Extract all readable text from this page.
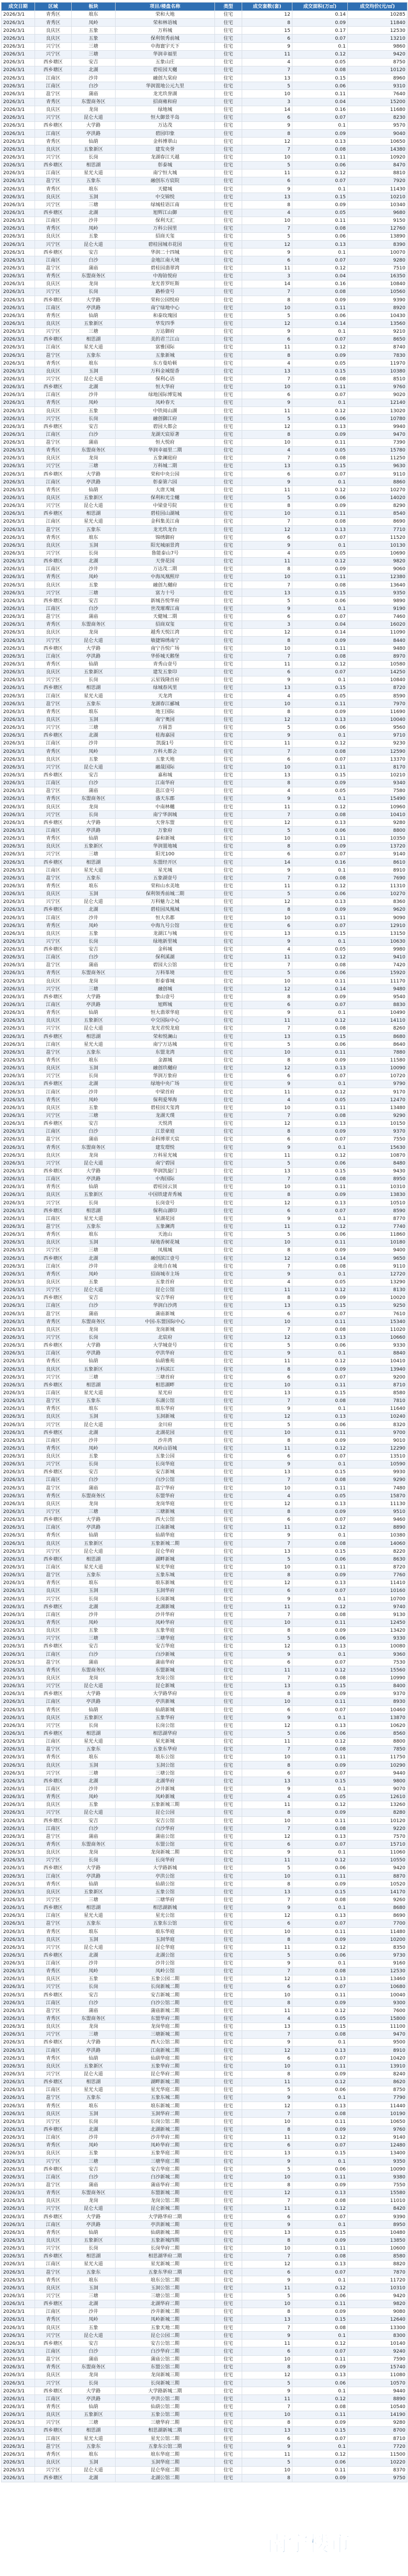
成交日期	区域	板块	项目/楼盘名称	类型	成交套数(套)	成交面积(万㎡)	成交均价(元/㎡)
2026/3/1	青秀区	埌东	荣和大地	住宅	12	0.14	10285
2026/3/1	青秀区	凤岭	荣和林语城	住宅	8	0.09	11840
2026/3/1	良庆区	五象	万科城	住宅	15	0.17	12530
2026/3/1	良庆区	五象	保利领秀前城	住宅	6	0.07	13210
2026/3/1	兴宁区	三塘	中海寰宇天下	住宅	9	0.1	9860
2026/3/1	兴宁区	三塘	华润幸福里	住宅	11	0.12	9420
2026/3/1	西乡塘区	安吉	五象山庄	住宅	4	0.05	8750
2026/3/1	西乡塘区	北湖	碧桂园天樾	住宅	7	0.08	10120
2026/3/1	江南区	沙井	融创九棠府	住宅	13	0.15	8960
2026/3/1	江南区	白沙	华润置地公元九里	住宅	5	0.06	9310
2026/3/1	邕宁区	蒲庙	龙光玖誉湖	住宅	10	0.11	7640
2026/3/1	青秀区	东盟商务区	招商雍和府	住宅	3	0.04	15200
2026/3/1	良庆区	龙岗	绿地城	住宅	14	0.16	11680
2026/3/1	兴宁区	昆仑大道	恒大御景半岛	住宅	6	0.07	8230
2026/3/1	西乡塘区	大学路	万达茂	住宅	9	0.1	9570
2026/3/1	江南区	亭洪路	碧园印象	住宅	8	0.09	9040
2026/3/1	青秀区	仙葫	金科博翠山	住宅	12	0.13	10650
2026/3/1	良庆区	五象新区	建发央誉	住宅	7	0.08	14380
2026/3/1	兴宁区	长岗	龙湖春江天越	住宅	10	0.11	10920
2026/3/1	西乡塘区	相思湖	彰泰城	住宅	5	0.06	8470
2026/3/1	江南区	星光大道	南宁恒大城	住宅	11	0.12	8810
2026/3/1	邕宁区	五象东	融创东方宸院	住宅	6	0.07	7920
2026/3/1	青秀区	埌东	天健城	住宅	9	0.1	11430
2026/3/1	良庆区	玉洞	中交锦悦	住宅	13	0.15	10210
2026/3/1	兴宁区	三塘	绿城桂语江南	住宅	8	0.09	10340
2026/3/1	西乡塘区	北湖	旭辉江山御	住宅	4	0.05	9680
2026/3/1	江南区	沙井	保利天汇	住宅	10	0.11	9150
2026/3/1	青秀区	凤岭	万科公园里	住宅	7	0.08	12760
2026/3/1	良庆区	五象	招商天玺	住宅	5	0.06	13890
2026/3/1	兴宁区	昆仑大道	碧桂园城市花园	住宅	12	0.13	8390
2026/3/1	西乡塘区	安吉	华润二十四城	住宅	9	0.1	10070
2026/3/1	江南区	白沙	金地江南大境	住宅	6	0.07	9280
2026/3/1	邕宁区	蒲庙	碧桂园翡翠湾	住宅	11	0.12	7510
2026/3/1	青秀区	东盟商务区	中海铂悦府	住宅	3	0.04	16350
2026/3/1	良庆区	龙岗	龙光普罗旺斯	住宅	14	0.16	10840
2026/3/1	兴宁区	长岗	路桥壹号	住宅	7	0.08	10560
2026/3/1	西乡塘区	大学路	荣和公园悦府	住宅	8	0.09	9390
2026/3/1	江南区	亭洪路	南宁绿地中心	住宅	10	0.11	8920
2026/3/1	青秀区	仙葫	和泰玫瑰园	住宅	5	0.06	10430
2026/3/1	良庆区	五象新区	华发四季	住宅	12	0.14	13560
2026/3/1	兴宁区	三塘	万达御府	住宅	9	0.1	9210
2026/3/1	西乡塘区	相思湖	美的君兰江山	住宅	6	0.07	8650
2026/3/1	江南区	星光大道	富雅国际	住宅	11	0.12	8740
2026/3/1	邕宁区	五象东	五象新城	住宅	8	0.09	7830
2026/3/1	青秀区	埌东	东方曼哈顿	住宅	4	0.05	11970
2026/3/1	良庆区	玉洞	万科金域缇香	住宅	13	0.15	10380
2026/3/1	兴宁区	昆仑大道	保利心语	住宅	7	0.08	8510
2026/3/1	西乡塘区	北湖	恒大华府	住宅	10	0.11	9760
2026/3/1	江南区	沙井	绿地国际博览城	住宅	6	0.07	9020
2026/3/1	青秀区	凤岭	凤岭春天	住宅	9	0.1	12140
2026/3/1	良庆区	五象	中铁阅山湖	住宅	11	0.12	13020
2026/3/1	兴宁区	长岗	融创御江府	住宅	5	0.06	10780
2026/3/1	西乡塘区	安吉	碧园大都会	住宅	12	0.13	9940
2026/3/1	江南区	白沙	龙湖天宸原著	住宅	8	0.09	9470
2026/3/1	邕宁区	蒲庙	恒大悦府	住宅	10	0.11	7390
2026/3/1	青秀区	东盟商务区	华润幸福里二期	住宅	4	0.05	15780
2026/3/1	良庆区	龙岗	五象澜庭府	住宅	7	0.08	11250
2026/3/1	兴宁区	三塘	万科城二期	住宅	13	0.15	9630
2026/3/1	西乡塘区	大学路	荣和中央公园	住宅	6	0.07	9110
2026/3/1	江南区	亭洪路	彰泰第六园	住宅	9	0.1	8860
2026/3/1	青秀区	仙葫	大唐天城	住宅	11	0.12	10270
2026/3/1	良庆区	五象新区	保利和光尘樾	住宅	5	0.06	14020
2026/3/1	兴宁区	昆仑大道	中梁壹号院	住宅	8	0.09	8290
2026/3/1	西乡塘区	相思湖	碧桂园山湖城	住宅	10	0.11	8540
2026/3/1	江南区	星光大道	金科集美江南	住宅	7	0.08	8690
2026/3/1	邕宁区	五象东	龙光玖龙台	住宅	12	0.13	7710
2026/3/1	青秀区	埌东	锦绣御府	住宅	6	0.07	11520
2026/3/1	良庆区	玉洞	阳光城丽景湾	住宅	9	0.1	10130
2026/3/1	兴宁区	长岗	鲁能泰山7号	住宅	4	0.05	10690
2026/3/1	西乡塘区	北湖	天誉花园	住宅	11	0.12	9820
2026/3/1	江南区	沙井	万达茂二期	住宅	8	0.09	9060
2026/3/1	青秀区	凤岭	中海凤凰熙岸	住宅	10	0.11	12380
2026/3/1	良庆区	五象	融创九樾府	住宅	7	0.08	13640
2026/3/1	兴宁区	三塘	富力十号	住宅	13	0.15	9350
2026/3/1	西乡塘区	安吉	新城吾悦华府	住宅	5	0.06	9890
2026/3/1	江南区	白沙	世茂璀璨江南	住宅	9	0.1	9190
2026/3/1	邕宁区	蒲庙	天健城二期	住宅	6	0.07	7460
2026/3/1	青秀区	东盟商务区	招商双玺	住宅	3	0.04	16020
2026/3/1	良庆区	龙岗	越秀天悦江湾	住宅	12	0.14	11090
2026/3/1	兴宁区	昆仑大道	敏捷锦绣南宁	住宅	8	0.09	8440
2026/3/1	西乡塘区	大学路	南宁吾悦广场	住宅	10	0.11	9480
2026/3/1	江南区	亭洪路	华侨城天鹅堡	住宅	7	0.08	8970
2026/3/1	青秀区	仙葫	青秀山壹号	住宅	11	0.12	10580
2026/3/1	良庆区	五象新区	建发五象印	住宅	6	0.07	14250
2026/3/1	兴宁区	长岗	云星钱隆首府	住宅	9	0.1	10840
2026/3/1	西乡塘区	相思湖	绿城春风里	住宅	13	0.15	8720
2026/3/1	江南区	星光大道	天龙湾	住宅	4	0.05	8590
2026/3/1	邕宁区	五象东	龙湖春江郦城	住宅	10	0.11	7970
2026/3/1	青秀区	埌东	地王国际	住宅	8	0.09	11690
2026/3/1	良庆区	玉洞	南宁奥园	住宅	12	0.13	10040
2026/3/1	兴宁区	三塘	方圆荟	住宅	5	0.06	9560
2026/3/1	西乡塘区	北湖	桂海嘉园	住宅	9	0.1	9710
2026/3/1	江南区	沙井	凯旋1号	住宅	11	0.12	9230
2026/3/1	青秀区	凤岭	万科大都会	住宅	7	0.08	12590
2026/3/1	良庆区	五象	五象天地	住宅	6	0.07	13370
2026/3/1	兴宁区	昆仑大道	融晟国际	住宅	10	0.11	8170
2026/3/1	西乡塘区	安吉	嘉和城	住宅	13	0.15	10210
2026/3/1	江南区	白沙	江南华府	住宅	8	0.09	9340
2026/3/1	邕宁区	蒲庙	邕江壹号	住宅	4	0.05	7580
2026/3/1	青秀区	东盟商务区	盛天东郡	住宅	9	0.1	15490
2026/3/1	良庆区	龙岗	中南林樾	住宅	11	0.12	10960
2026/3/1	兴宁区	长岗	南宁华润城	住宅	7	0.08	10410
2026/3/1	西乡塘区	大学路	天誉东盟	住宅	12	0.13	9280
2026/3/1	江南区	亭洪路	万象府	住宅	5	0.06	8800
2026/3/1	青秀区	仙葫	泰和新城	住宅	10	0.11	10350
2026/3/1	良庆区	五象新区	华润置地城	住宅	8	0.09	13720
2026/3/1	兴宁区	三塘	阳光100	住宅	6	0.07	9140
2026/3/1	西乡塘区	相思湖	东盟经开区	住宅	14	0.16	8610
2026/3/1	江南区	星光大道	星光城	住宅	9	0.1	8910
2026/3/1	邕宁区	五象东	五象湖壹号	住宅	7	0.08	7690
2026/3/1	青秀区	埌东	荣和山水美地	住宅	11	0.12	11310
2026/3/1	良庆区	玉洞	保利领秀前城二期	住宅	5	0.06	10270
2026/3/1	兴宁区	昆仑大道	万科魅力之城	住宅	12	0.13	8360
2026/3/1	西乡塘区	北湖	碧桂园凤凰城	住宅	8	0.09	9620
2026/3/1	江南区	沙井	恒大名都	住宅	10	0.11	9090
2026/3/1	青秀区	凤岭	中海九号公馆	住宅	6	0.07	12910
2026/3/1	良庆区	五象	龙湖江与城	住宅	13	0.15	13150
2026/3/1	兴宁区	长岗	绿地新里城	住宅	9	0.1	10630
2026/3/1	西乡塘区	安吉	金科城	住宅	4	0.05	9980
2026/3/1	江南区	白沙	保利溪湖	住宅	11	0.12	9410
2026/3/1	邕宁区	蒲庙	碧园大公馆	住宅	7	0.08	7420
2026/3/1	青秀区	东盟商务区	万科峯境	住宅	5	0.06	15920
2026/3/1	良庆区	龙岗	彰泰睿城	住宅	10	0.11	11170
2026/3/1	兴宁区	三塘	融创城	住宅	12	0.14	9480
2026/3/1	西乡塘区	大学路	象山壹号	住宅	8	0.09	9540
2026/3/1	江南区	亭洪路	旭辉城	住宅	6	0.07	8830
2026/3/1	青秀区	仙葫	恒大翡翠华庭	住宅	9	0.1	10490
2026/3/1	良庆区	五象新区	中交国际中心	住宅	11	0.12	14110
2026/3/1	兴宁区	昆仑大道	龙光君悦龙庭	住宅	7	0.08	8260
2026/3/1	西乡塘区	相思湖	荣和悦澜山	住宅	13	0.15	8680
2026/3/1	江南区	星光大道	南宁万达城	住宅	5	0.06	8640
2026/3/1	邕宁区	五象东	东盟龙湾	住宅	10	0.11	7880
2026/3/1	青秀区	埌东	金源城	住宅	8	0.09	11580
2026/3/1	良庆区	玉洞	融创玖樾府	住宅	12	0.13	10090
2026/3/1	兴宁区	长岗	华润万象府	住宅	6	0.07	10720
2026/3/1	西乡塘区	北湖	绿地中央广场	住宅	9	0.1	9790
2026/3/1	江南区	沙井	中梁首府	住宅	11	0.12	9170
2026/3/1	青秀区	凤岭	保利爱琴海	住宅	4	0.05	12470
2026/3/1	良庆区	五象	碧桂园天玺湾	住宅	10	0.11	13480
2026/3/1	兴宁区	三塘	龙湖天璞	住宅	7	0.08	9290
2026/3/1	西乡塘区	安吉	天悦湾	住宅	12	0.13	10150
2026/3/1	江南区	白沙	江景豪庭	住宅	8	0.09	9370
2026/3/1	邕宁区	蒲庙	金科博翠天宸	住宅	6	0.07	7550
2026/3/1	青秀区	东盟商务区	建发璟悦	住宅	9	0.1	15630
2026/3/1	良庆区	龙岗	万科星光城	住宅	11	0.12	10870
2026/3/1	兴宁区	昆仑大道	南宁碧园	住宅	5	0.06	8480
2026/3/1	西乡塘区	大学路	华润凯旋门	住宅	13	0.15	9430
2026/3/1	江南区	亭洪路	中海国际	住宅	7	0.08	8950
2026/3/1	青秀区	仙葫	碧桂园云顶	住宅	10	0.11	10310
2026/3/1	良庆区	五象新区	中国铁建青秀城	住宅	8	0.09	13830
2026/3/1	兴宁区	长岗	长岗壹号	住宅	12	0.13	10510
2026/3/1	西乡塘区	相思湖	保利山湖印	住宅	6	0.07	8590
2026/3/1	江南区	星光大道	星湖花园	住宅	9	0.1	8770
2026/3/1	邕宁区	五象东	五象澜湾	住宅	11	0.12	7740
2026/3/1	青秀区	埌东	天池山	住宅	5	0.06	11860
2026/3/1	良庆区	玉洞	绿地香树花城	住宅	10	0.11	10180
2026/3/1	兴宁区	三塘	凤凰城	住宅	8	0.09	9400
2026/3/1	西乡塘区	北湖	融创滨江壹号	住宅	12	0.14	9650
2026/3/1	江南区	沙井	金地自在城	住宅	7	0.08	9110
2026/3/1	青秀区	凤岭	招商城市主场	住宅	9	0.1	12720
2026/3/1	良庆区	五象	五象首府	住宅	4	0.05	13290
2026/3/1	兴宁区	昆仑大道	昆仑公馆	住宅	11	0.12	8130
2026/3/1	西乡塘区	安吉	安吉华府	住宅	8	0.09	10020
2026/3/1	江南区	白沙	华润白沙湾	住宅	13	0.15	9250
2026/3/1	邕宁区	蒲庙	蒲庙新城	住宅	6	0.07	7610
2026/3/1	青秀区	东盟商务区	中国-东盟国际中心	住宅	10	0.11	15340
2026/3/1	良庆区	龙岗	龙岗新城	住宅	7	0.08	11020
2026/3/1	兴宁区	长岗	北宸府	住宅	12	0.13	10660
2026/3/1	西乡塘区	大学路	大学城壹号	住宅	5	0.06	9330
2026/3/1	江南区	亭洪路	亭洪华府	住宅	9	0.1	8840
2026/3/1	青秀区	仙葫	仙葫雅苑	住宅	11	0.12	10410
2026/3/1	良庆区	五象新区	万科滨江	住宅	8	0.09	13940
2026/3/1	兴宁区	三塘	三塘首府	住宅	6	0.07	9200
2026/3/1	西乡塘区	相思湖	相思湖畔	住宅	10	0.11	8710
2026/3/1	江南区	星光大道	星光府	住宅	13	0.15	8580
2026/3/1	邕宁区	五象东	东湖公馆	住宅	7	0.08	7810
2026/3/1	青秀区	埌东	埌东华府	住宅	9	0.1	11640
2026/3/1	良庆区	玉洞	玉洞新城	住宅	12	0.13	10240
2026/3/1	兴宁区	昆仑大道	金川府	住宅	5	0.06	8320
2026/3/1	西乡塘区	北湖	北湖花园	住宅	10	0.11	9700
2026/3/1	江南区	沙井	沙井湾	住宅	8	0.09	9010
2026/3/1	青秀区	凤岭	凤岭山语城	住宅	11	0.12	12290
2026/3/1	良庆区	五象	五象公园	住宅	6	0.07	13510
2026/3/1	兴宁区	长岗	长岗华庭	住宅	9	0.1	10590
2026/3/1	西乡塘区	安吉	安吉新城	住宅	13	0.15	9930
2026/3/1	江南区	白沙	白沙公馆	住宅	7	0.08	9290
2026/3/1	邕宁区	蒲庙	邕宁华府	住宅	10	0.11	7480
2026/3/1	青秀区	东盟商务区	东盟华府	住宅	4	0.05	15870
2026/3/1	良庆区	龙岗	龙岗华庭	住宅	12	0.13	11130
2026/3/1	兴宁区	三塘	三塘新城	住宅	8	0.09	9510
2026/3/1	西乡塘区	大学路	西大公馆	住宅	6	0.07	9460
2026/3/1	江南区	亭洪路	江南新城	住宅	11	0.12	8890
2026/3/1	青秀区	仙葫	仙葫华庭	住宅	9	0.1	10380
2026/3/1	良庆区	五象新区	五象新城二期	住宅	7	0.08	14060
2026/3/1	兴宁区	昆仑大道	昆仑华府	住宅	13	0.15	8220
2026/3/1	西乡塘区	相思湖	湖畔新城	住宅	5	0.06	8630
2026/3/1	江南区	星光大道	星光华庭	住宅	10	0.11	8720
2026/3/1	邕宁区	五象东	五象东城	住宅	8	0.09	7760
2026/3/1	青秀区	埌东	埌东新城	住宅	12	0.13	11410
2026/3/1	良庆区	玉洞	玉洞华府	住宅	6	0.07	10160
2026/3/1	兴宁区	长岗	长岗新城	住宅	9	0.1	10700
2026/3/1	西乡塘区	北湖	北湖新城	住宅	11	0.12	9740
2026/3/1	江南区	沙井	沙井华府	住宅	7	0.08	9130
2026/3/1	青秀区	凤岭	凤岭华府	住宅	10	0.11	12450
2026/3/1	良庆区	五象	五象华庭	住宅	8	0.09	13420
2026/3/1	兴宁区	三塘	三塘华庭	住宅	5	0.06	9330
2026/3/1	西乡塘区	安吉	安吉华庭	住宅	12	0.13	10080
2026/3/1	江南区	白沙	白沙新城	住宅	9	0.1	9360
2026/3/1	邕宁区	蒲庙	蒲庙华府	住宅	6	0.07	7530
2026/3/1	青秀区	东盟商务区	东盟新城	住宅	11	0.12	15560
2026/3/1	良庆区	龙岗	龙岗公馆	住宅	7	0.08	10990
2026/3/1	兴宁区	昆仑大道	昆仑新城	住宅	13	0.15	8400
2026/3/1	西乡塘区	大学路	大学路华府	住宅	8	0.09	9370
2026/3/1	江南区	亭洪路	亭洪新城	住宅	10	0.11	8930
2026/3/1	青秀区	仙葫	仙葫新城	住宅	6	0.07	10460
2026/3/1	良庆区	五象新区	五象华府	住宅	9	0.1	13870
2026/3/1	兴宁区	长岗	长岗公馆	住宅	12	0.13	10620
2026/3/1	西乡塘区	相思湖	相思湖华府	住宅	5	0.06	8560
2026/3/1	江南区	星光大道	星光新城	住宅	11	0.12	8800
2026/3/1	邕宁区	五象东	五象东华府	住宅	7	0.08	7850
2026/3/1	青秀区	埌东	埌东公馆	住宅	10	0.11	11750
2026/3/1	良庆区	玉洞	玉洞公馆	住宅	8	0.09	10290
2026/3/1	兴宁区	三塘	三塘公馆	住宅	6	0.07	9440
2026/3/1	西乡塘区	北湖	北湖华府	住宅	13	0.15	9800
2026/3/1	江南区	沙井	沙井新城	住宅	9	0.1	9070
2026/3/1	青秀区	凤岭	凤岭新城	住宅	4	0.05	12610
2026/3/1	良庆区	五象	五象新城三期	住宅	11	0.12	13260
2026/3/1	兴宁区	昆仑大道	昆仑公园	住宅	8	0.09	8280
2026/3/1	西乡塘区	安吉	安吉公馆	住宅	10	0.11	10120
2026/3/1	江南区	白沙	白沙华府	住宅	7	0.08	9220
2026/3/1	邕宁区	蒲庙	蒲庙公馆	住宅	12	0.13	7570
2026/3/1	青秀区	东盟商务区	东盟公馆	住宅	6	0.07	15710
2026/3/1	良庆区	龙岗	龙岗新城二期	住宅	9	0.1	11060
2026/3/1	兴宁区	长岗	长岗华府	住宅	11	0.12	10550
2026/3/1	西乡塘区	大学路	大学路新城	住宅	5	0.06	9420
2026/3/1	江南区	亭洪路	亭洪公馆	住宅	10	0.11	8870
2026/3/1	青秀区	仙葫	仙葫公馆	住宅	8	0.09	10520
2026/3/1	良庆区	五象新区	五象公馆	住宅	13	0.15	14170
2026/3/1	兴宁区	三塘	三塘华府	住宅	7	0.08	9260
2026/3/1	西乡塘区	相思湖	相思湖新城	住宅	9	0.1	8680
2026/3/1	江南区	星光大道	星光公馆	住宅	12	0.13	8690
2026/3/1	邕宁区	五象东	五象东公馆	住宅	6	0.07	7700
2026/3/1	青秀区	埌东	埌东华庭	住宅	10	0.11	11480
2026/3/1	良庆区	玉洞	玉洞华庭	住宅	8	0.09	10200
2026/3/1	兴宁区	昆仑大道	昆仑华庭	住宅	11	0.12	8350
2026/3/1	西乡塘区	北湖	北湖公馆	住宅	5	0.06	9730
2026/3/1	江南区	沙井	沙井公馆	住宅	9	0.1	9160
2026/3/1	青秀区	凤岭	凤岭公馆	住宅	7	0.08	12530
2026/3/1	良庆区	五象	五象公园二期	住宅	12	0.13	13460
2026/3/1	兴宁区	长岗	长岗新城二期	住宅	6	0.07	10680
2026/3/1	西乡塘区	安吉	安吉新城二期	住宅	10	0.11	10040
2026/3/1	江南区	白沙	白沙公馆二期	住宅	8	0.09	9300
2026/3/1	邕宁区	蒲庙	蒲庙新城二期	住宅	11	0.12	7600
2026/3/1	青秀区	东盟商务区	东盟华府二期	住宅	4	0.05	15800
2026/3/1	良庆区	龙岗	龙岗华庭二期	住宅	13	0.15	11100
2026/3/1	兴宁区	三塘	三塘新城二期	住宅	7	0.08	9470
2026/3/1	西乡塘区	大学路	西大公馆二期	住宅	9	0.1	9500
2026/3/1	江南区	亭洪路	江南新城二期	住宅	12	0.13	8910
2026/3/1	青秀区	仙葫	仙葫华庭二期	住宅	6	0.07	10420
2026/3/1	良庆区	五象新区	五象华府二期	住宅	10	0.11	13910
2026/3/1	兴宁区	昆仑大道	昆仑华府二期	住宅	8	0.09	8240
2026/3/1	西乡塘区	相思湖	湖畔新城二期	住宅	11	0.12	8620
2026/3/1	江南区	星光大道	星光华庭二期	住宅	5	0.06	8750
2026/3/1	邕宁区	五象东	五象东城二期	住宅	9	0.1	7790
2026/3/1	青秀区	埌东	埌东新城二期	住宅	12	0.13	11440
2026/3/1	良庆区	玉洞	玉洞华府二期	住宅	7	0.08	10190
2026/3/1	兴宁区	长岗	长岗公馆二期	住宅	10	0.11	10650
2026/3/1	西乡塘区	北湖	北湖新城二期	住宅	8	0.09	9760
2026/3/1	江南区	沙井	沙井华府二期	住宅	11	0.12	9140
2026/3/1	青秀区	凤岭	凤岭华府二期	住宅	6	0.07	12480
2026/3/1	良庆区	五象	五象华庭二期	住宅	13	0.15	13400
2026/3/1	兴宁区	三塘	三塘华庭二期	住宅	9	0.1	9350
2026/3/1	西乡塘区	安吉	安吉华庭二期	住宅	5	0.06	10090
2026/3/1	江南区	白沙	白沙新城二期	住宅	10	0.11	9380
2026/3/1	邕宁区	蒲庙	蒲庙华府二期	住宅	8	0.09	7550
2026/3/1	青秀区	东盟商务区	东盟新城二期	住宅	12	0.13	15580
2026/3/1	良庆区	龙岗	龙岗公馆二期	住宅	7	0.08	11010
2026/3/1	兴宁区	昆仑大道	昆仑新城二期	住宅	11	0.12	8420
2026/3/1	西乡塘区	大学路	大学路华府二期	住宅	6	0.07	9390
2026/3/1	江南区	亭洪路	亭洪新城二期	住宅	9	0.1	8950
2026/3/1	青秀区	仙葫	仙葫新城二期	住宅	13	0.15	10480
2026/3/1	良庆区	五象新区	五象新城四期	住宅	8	0.09	13850
2026/3/1	兴宁区	长岗	长岗华府二期	住宅	10	0.11	10600
2026/3/1	西乡塘区	相思湖	相思湖华府二期	住宅	7	0.08	8580
2026/3/1	江南区	星光大道	星光新城二期	住宅	12	0.13	8820
2026/3/1	邕宁区	五象东	五象东华府二期	住宅	6	0.07	7870
2026/3/1	青秀区	埌东	埌东公馆二期	住宅	9	0.1	11720
2026/3/1	良庆区	玉洞	玉洞公馆二期	住宅	11	0.12	10310
2026/3/1	兴宁区	三塘	三塘公馆二期	住宅	5	0.06	9420
2026/3/1	西乡塘区	北湖	北湖华府二期	住宅	10	0.11	9820
2026/3/1	江南区	沙井	沙井新城二期	住宅	8	0.09	9080
2026/3/1	青秀区	凤岭	凤岭新城二期	住宅	13	0.15	12640
2026/3/1	良庆区	五象	五象天地二期	住宅	7	0.08	13300
2026/3/1	兴宁区	昆仑大道	昆仑公园二期	住宅	9	0.1	8300
2026/3/1	西乡塘区	安吉	安吉公馆二期	住宅	11	0.12	10140
2026/3/1	江南区	白沙	白沙华府二期	住宅	6	0.07	9240
2026/3/1	邕宁区	蒲庙	蒲庙公馆二期	住宅	10	0.11	7590
2026/3/1	青秀区	东盟商务区	东盟公馆二期	住宅	8	0.09	15740
2026/3/1	良庆区	龙岗	龙岗新城三期	住宅	12	0.13	11080
2026/3/1	兴宁区	长岗	长岗新城三期	住宅	5	0.06	10570
2026/3/1	西乡塘区	大学路	大学路新城二期	住宅	9	0.1	9440
2026/3/1	江南区	亭洪路	亭洪公馆二期	住宅	11	0.12	8890
2026/3/1	青秀区	仙葫	仙葫公馆二期	住宅	7	0.08	10540
2026/3/1	良庆区	五象新区	五象公馆二期	住宅	10	0.11	14190
2026/3/1	兴宁区	三塘	三塘华府二期	住宅	8	0.09	9280
2026/3/1	西乡塘区	相思湖	相思湖新城二期	住宅	13	0.15	8700
2026/3/1	江南区	星光大道	星光公馆二期	住宅	6	0.07	8710
2026/3/1	邕宁区	五象东	五象东公馆二期	住宅	9	0.1	7720
2026/3/1	青秀区	埌东	埌东华庭二期	住宅	11	0.12	11500
2026/3/1	良庆区	玉洞	玉洞华庭二期	住宅	5	0.06	10220
2026/3/1	兴宁区	昆仑大道	昆仑华庭二期	住宅	10	0.11	8370
2026/3/1	西乡塘区	北湖	北湖公馆二期	住宅	8	0.09	9750
南宁楼市
